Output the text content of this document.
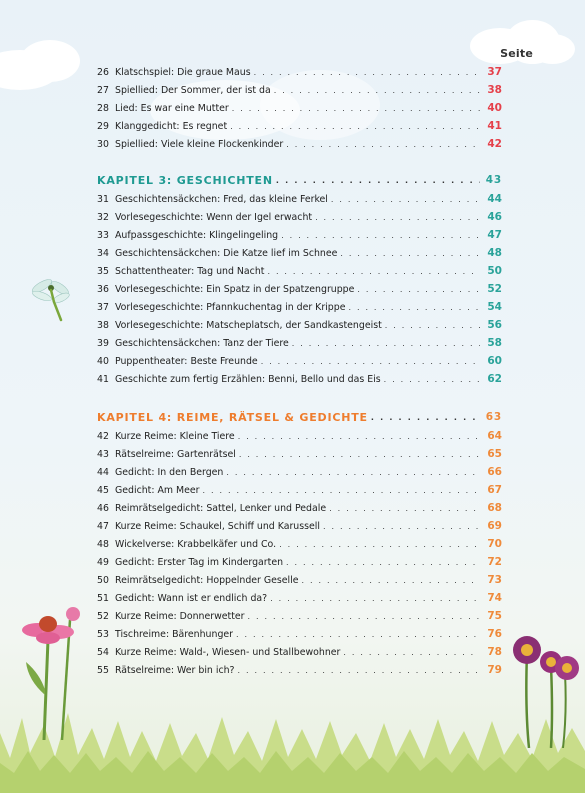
Seite
26 Klatschspiel: Die graue Maus . . .	37
27 Spiellied: Der Sommer, der ist da . . .	38
28 Lied: Es war eine Mutter . . .	40
29 Klanggedicht: Es regnet . . .	41
30 Spiellied: Viele kleine Flockenkinder . . .	42
KAPITEL 3: GESCHICHTEN . . .	43
31 Geschichtensäckchen: Fred, das kleine Ferkel . . .	44
32 Vorlesegeschichte: Wenn der Igel erwacht . . .	46
33 Aufpassgeschichte: Klingelingeling . . .	47
34 Geschichtensäckchen: Die Katze lief im Schnee . . .	48
35 Schattentheater: Tag und Nacht . . .	50
36 Vorlesegeschichte: Ein Spatz in der Spatzengruppe . . .	52
37 Vorlesegeschichte: Pfannkuchentag in der Krippe . . .	54
38 Vorlesegeschichte: Matscheplatsch, der Sandkastengeist . . .	56
39 Geschichtensäckchen: Tanz der Tiere . . .	58
40 Puppentheater: Beste Freunde . . .	60
41 Geschichte zum fertig Erzählen: Benni, Bello und das Eis . . .	62
KAPITEL 4: REIME, RÄTSEL & GEDICHTE . . .	63
42 Kurze Reime: Kleine Tiere . . .	64
43 Rätselreime: Gartenrätsel . . .	65
44 Gedicht: In den Bergen . . .	66
45 Gedicht: Am Meer . . .	67
46 Reimrätselgedicht: Sattel, Lenker und Pedale . . .	68
47 Kurze Reime: Schaukel, Schiff und Karussell . . .	69
48 Wickelverse: Krabbelkäfer und Co. . . .	70
49 Gedicht: Erster Tag im Kindergarten . . .	72
50 Reimrätselgedicht: Hoppelnder Geselle . . .	73
51 Gedicht: Wann ist er endlich da? . . .	74
52 Kurze Reime: Donnerwetter . . .	75
53 Tischreime: Bärenhunger . . .	76
54 Kurze Reime: Wald-, Wiesen- und Stallbewohner . . .	78
55 Rätselreime: Wer bin ich? . . .	79
